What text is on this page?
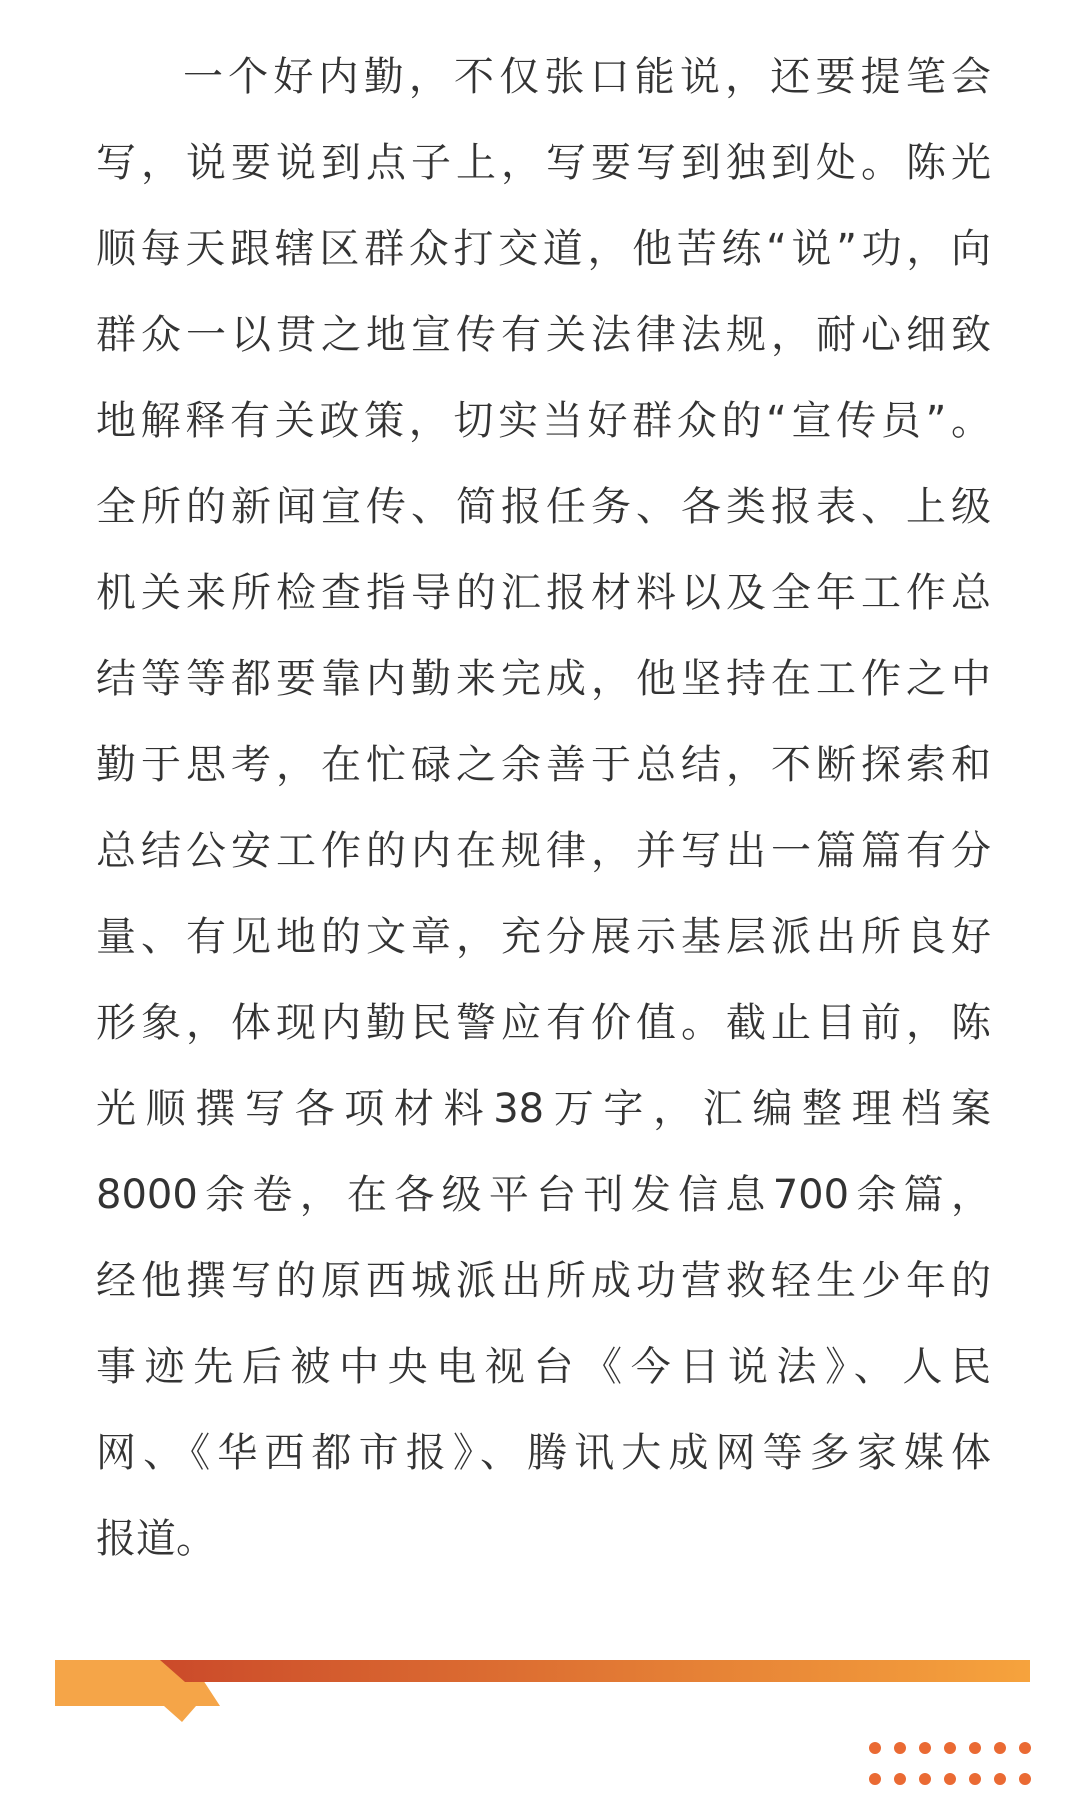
一个好内勤，不仅张口能说，还要提笔会
写，说要说到点子上，写要写到独到处。陈光
顺每天跟辖区群众打交道，他苦练“说”功，向
群众一以贯之地宣传有关法律法规，耐心细致
地解释有关政策，切实当好群众的“宣传员”。
全所的新闻宣传、简报任务、各类报表、上级
机关来所检查指导的汇报材料以及全年工作总
结等等都要靠内勤来完成，他坚持在工作之中
勤于思考，在忙碌之余善于总结，不断探索和
总结公安工作的内在规律，并写出一篇篇有分
量、有见地的文章，充分展示基层派出所良好
形象，体现内勤民警应有价值。截止目前，陈
光顺撰写各项材料38万字，汇编整理档案
8000余卷，在各级平台刊发信息700余篇，
经他撰写的原西城派出所成功营救轻生少年的
事迹先后被中央电视台《今日说法》、人民
网、《华西都市报》、腾讯大成网等多家媒体
报道。
